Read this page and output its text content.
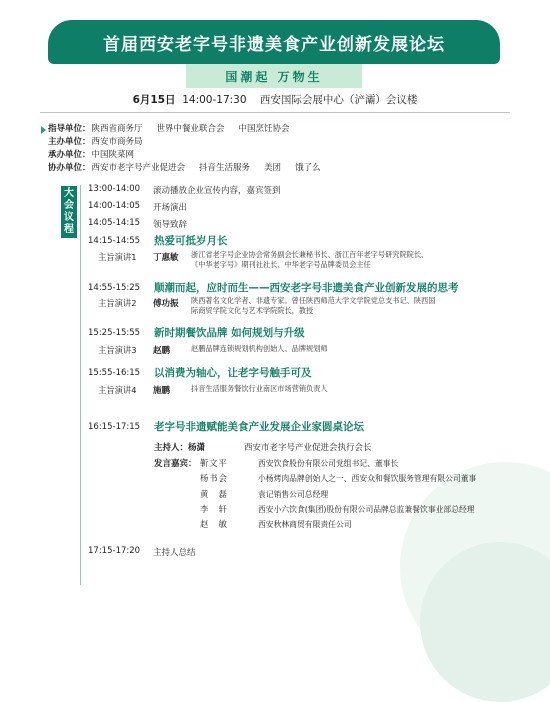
首届西安老字号非遗美食产业创新发展论坛
国潮起 万物生
6月15日 14:00-17:30 西安国际会展中心（浐灞）会议楼
指导单位：陕西省商务厅 世界中餐业联合会 中国烹饪协会
主办单位：西安市商务局
承办单位：中国陕菜网
协办单位：西安市老字号产业促进会 抖音生活服务 美团 饿了么
大会议程
13:00-14:00 滚动播放企业宣传内容，嘉宾签到
14:00-14:05 开场演出
14:05-14:15 领导致辞
14:15-14:55 热爱可抵岁月长
主旨演讲1 丁惠敏 浙江省老字号企业协会常务副会长兼秘书长、浙江百年老字号研究院院长、
《中华老字号》期刊社社长、中华老字号品牌委员会主任
14:55-15:25 顺潮而起，应时而生——西安老字号非遗美食产业创新发展的思考
主旨演讲2 傅功振 陕西著名文化学者、非遗专家。曾任陕西师范大学文学院党总支书记、陕西国
际商贸学院文化与艺术学院院长，教授
15:25-15:55 新时期餐饮品牌 如何规划与升级
主旨演讲3 赵鹏	赵鹏品牌连锁规划机构创始人、品牌规划师
15:55-16:15 以消费为轴心，让老字号触手可及
主旨演讲4 施鹏	抖音生活服务餐饮行业南区市场营销负责人
16:15-17:15 老字号非遗赋能美食产业发展企业家圆桌论坛
主持人：杨潇	西安市老字号产业促进会执行会长
发言嘉宾： 靳文平	西安饮食股份有限公司党组书记、董事长
杨书会	小杨烤肉品牌创始人之一、西安众和餐饮服务管理有限公司董事
黄　磊	袁记销售公司总经理
李　轩	西安小六饮食(集团)股份有限公司品牌总监兼餐饮事业部总经理
赵　敏	西安秋林商贸有限责任公司
17:15-17:20 主持人总结
